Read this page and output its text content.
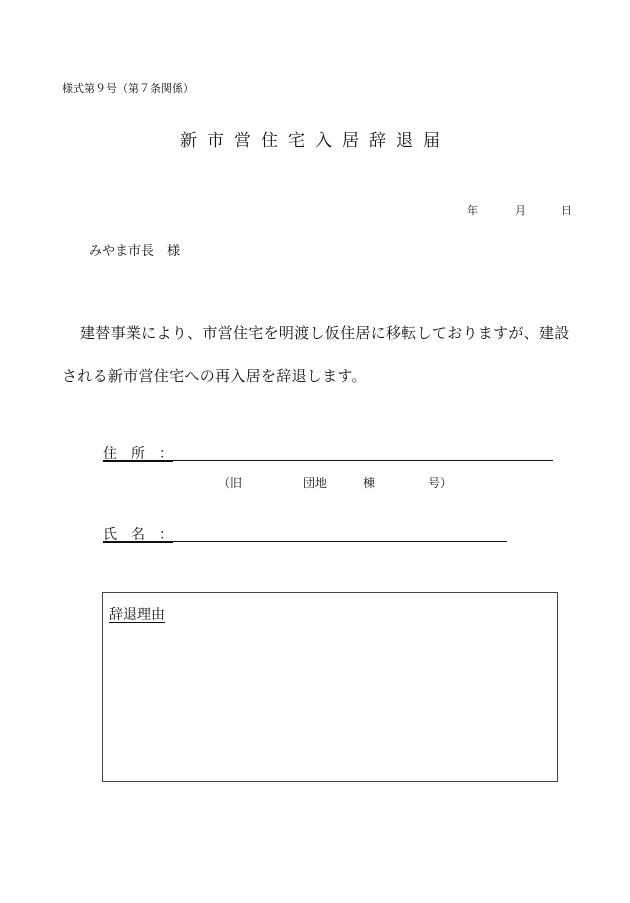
様式第９号（第７条関係）
新市営住宅入居辞退届
年	月	日
みやま市長 様
建替事業により、市営住宅を明渡し仮住居に移転しておりますが、建設
される新市営住宅への再入居を辞退します。
住　所　：
（旧	団地	棟	号）
氏　名　：
辞退理由
